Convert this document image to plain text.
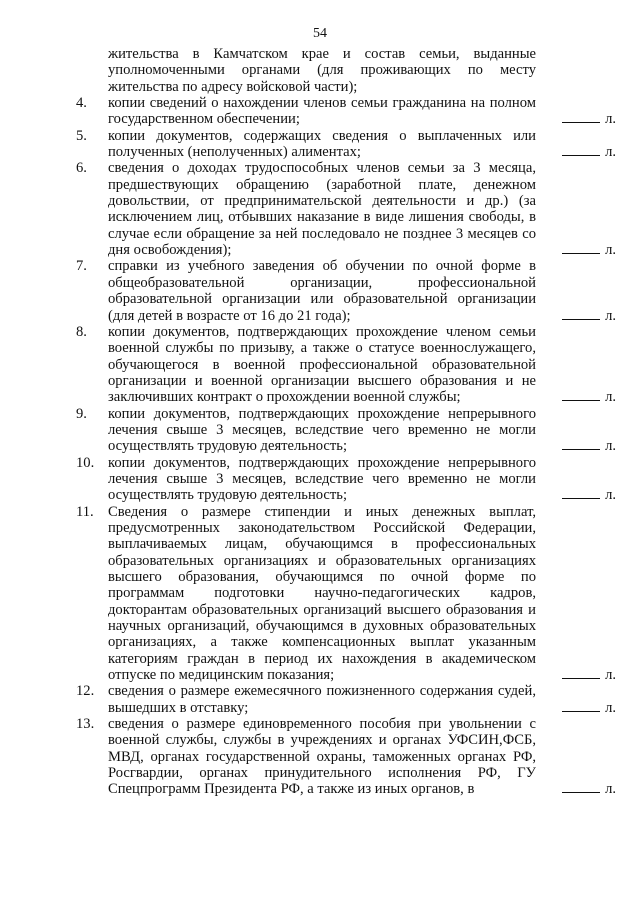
54
жительства в Камчатском крае и состав семьи, выданные уполномоченными органами (для проживающих по месту жительства по адресу войсковой части);
4. копии сведений о нахождении членов семьи гражданина на полном государственном обеспечении;	л.
5. копии документов, содержащих сведения о выплаченных или полученных (неполученных) алиментах;	л.
6. сведения о доходах трудоспособных членов семьи за 3 месяца, предшествующих обращению (заработной плате, денежном довольствии, от предпринимательской деятельности и др.) (за исключением лиц, отбывших наказание в виде лишения свободы, в случае если обращение за ней последовало не позднее 3 месяцев со дня освобождения);	л.
7. справки из учебного заведения об обучении по очной форме в общеобразовательной организации, профессиональной образовательной организации или образовательной организации (для детей в возрасте от 16 до 21 года);	л.
8. копии документов, подтверждающих прохождение членом семьи военной службы по призыву, а также о статусе военнослужащего, обучающегося в военной профессиональной образовательной организации и военной организации высшего образования и не заключивших контракт о прохождении военной службы;	л.
9. копии документов, подтверждающих прохождение непрерывного лечения свыше 3 месяцев, вследствие чего временно не могли осуществлять трудовую деятельность;	л.
10. копии документов, подтверждающих прохождение непрерывного лечения свыше 3 месяцев, вследствие чего временно не могли осуществлять трудовую деятельность;	л.
11. Сведения о размере стипендии и иных денежных выплат, предусмотренных законодательством Российской Федерации, выплачиваемых лицам, обучающимся в профессиональных образовательных организациях и образовательных организациях высшего образования, обучающимся по очной форме по программам подготовки научно-педагогических кадров, докторантам образовательных организаций высшего образования и научных организаций, обучающимся в духовных образовательных организациях, а также компенсационных выплат указанным категориям граждан в период их нахождения в академическом отпуске по медицинским показания;	л.
12. сведения о размере ежемесячного пожизненного содержания судей, вышедших в отставку;	л.
13. сведения о размере единовременного пособия при увольнении с военной службы, службы в учреждениях и органах УФСИН,ФСБ, МВД, органах государственной охраны, таможенных органах РФ, Росгвардии, органах принудительного исполнения РФ, ГУ Спецпрограмм Президента РФ, а также из иных органов, в	л.
